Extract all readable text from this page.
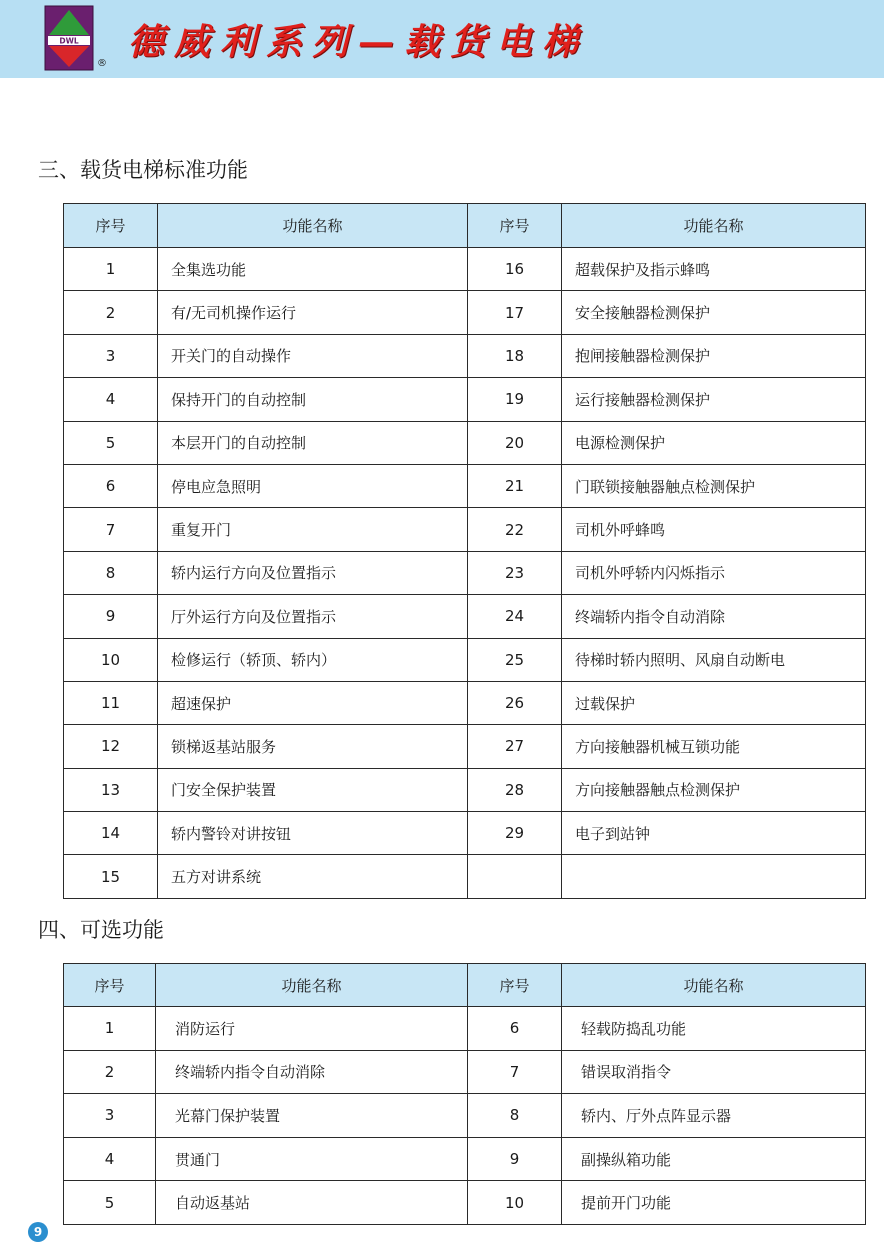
DWL
®
德威利系列—载货电梯
三、载货电梯标准功能
序号	功能名称	序号	功能名称
1	全集选功能	16	超载保护及指示蜂鸣
2	有/无司机操作运行	17	安全接触器检测保护
3	开关门的自动操作	18	抱闸接触器检测保护
4	保持开门的自动控制	19	运行接触器检测保护
5	本层开门的自动控制	20	电源检测保护
6	停电应急照明	21	门联锁接触器触点检测保护
7	重复开门	22	司机外呼蜂鸣
8	轿内运行方向及位置指示	23	司机外呼轿内闪烁指示
9	厅外运行方向及位置指示	24	终端轿内指令自动消除
10	检修运行（轿顶、轿内）	25	待梯时轿内照明、风扇自动断电
11	超速保护	26	过载保护
12	锁梯返基站服务	27	方向接触器机械互锁功能
13	门安全保护装置	28	方向接触器触点检测保护
14	轿内警铃对讲按钮	29	电子到站钟
15	五方对讲系统		
四、可选功能
序号	功能名称	序号	功能名称
1	消防运行	6	轻载防捣乱功能
2	终端轿内指令自动消除	7	错误取消指令
3	光幕门保护装置	8	轿内、厅外点阵显示器
4	贯通门	9	副操纵箱功能
5	自动返基站	10	提前开门功能
9
